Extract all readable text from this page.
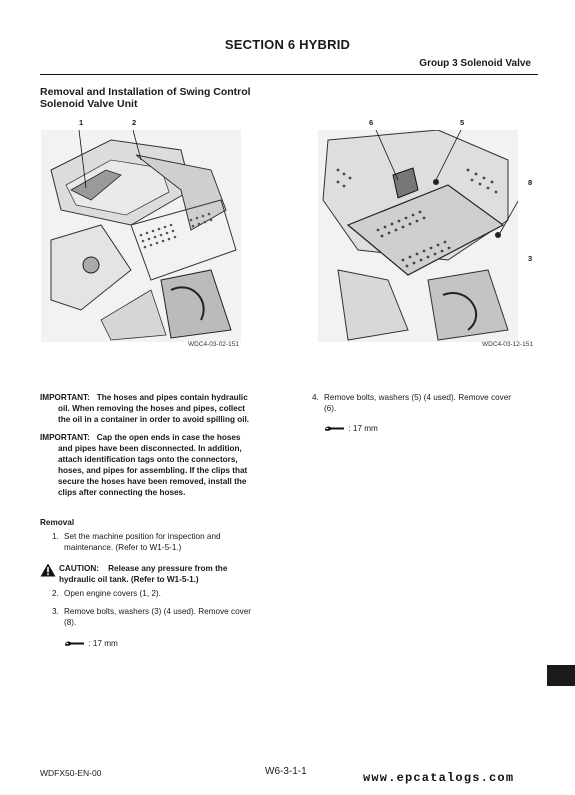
SECTION 6 HYBRID
Group 3 Solenoid Valve
Removal and Installation of Swing Control
Solenoid Valve Unit
1	2
WDC4-03-02-151
6	5
8
3
WDC4-03-12-151
IMPORTANT: The hoses and pipes contain hydraulic
oil. When removing the hoses and pipes, collect
the oil in a container in order to avoid spilling oil.
IMPORTANT: Cap the open ends in case the hoses
and pipes have been disconnected. In addition,
attach identification tags onto the connectors,
hoses, and pipes for assembling. If the clips that
secure the hoses have been removed, install the
clips after connecting the hoses.
Removal
1. Set the machine position for inspection and
maintenance. (Refer to W1-5-1.)
CAUTION: Release any pressure from the
hydraulic oil tank. (Refer to W1-5-1.)
2. Open engine covers (1, 2).
3. Remove bolts, washers (3) (4 used). Remove cover
(8).
: 17 mm
4. Remove bolts, washers (5) (4 used). Remove cover
(6).
: 17 mm
WDFX50-EN-00	W6-3-1-1	www.epcatalogs.com
